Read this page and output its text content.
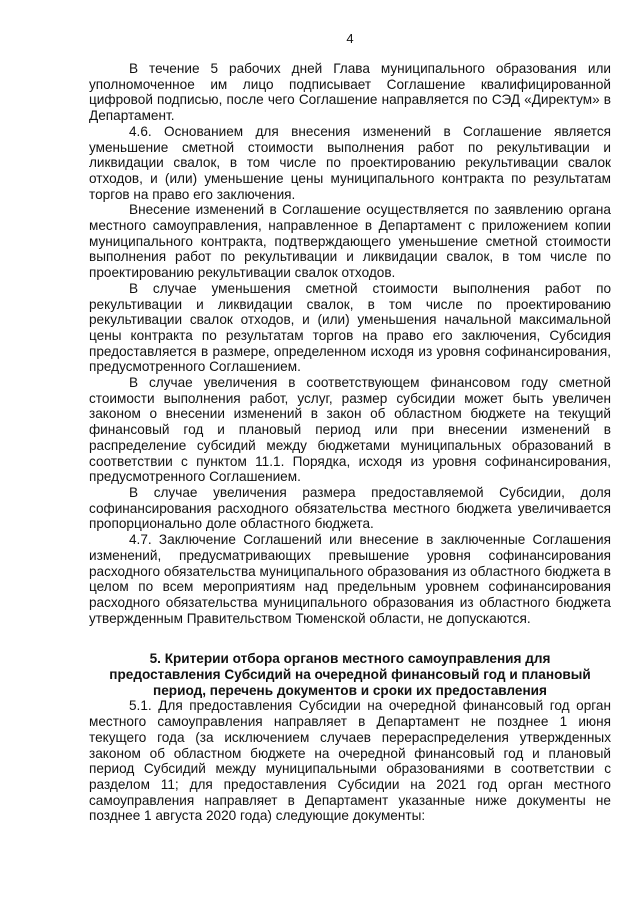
4

В течение 5 рабочих дней Глава муниципального образования или уполномоченное им лицо подписывает Соглашение квалифицированной цифровой подписью, после чего Соглашение направляется по СЭД «Директум» в Департамент.

4.6. Основанием для внесения изменений в Соглашение является уменьшение сметной стоимости выполнения работ по рекультивации и ликвидации свалок, в том числе по проектированию рекультивации свалок отходов, и (или) уменьшение цены муниципального контракта по результатам торгов на право его заключения.

Внесение изменений в Соглашение осуществляется по заявлению органа местного самоуправления, направленное в Департамент с приложением копии муниципального контракта, подтверждающего уменьшение сметной стоимости выполнения работ по рекультивации и ликвидации свалок, в том числе по проектированию рекультивации свалок отходов.

В случае уменьшения сметной стоимости выполнения работ по рекультивации и ликвидации свалок, в том числе по проектированию рекультивации свалок отходов, и (или) уменьшения начальной максимальной цены контракта по результатам торгов на право его заключения, Субсидия предоставляется в размере, определенном исходя из уровня софинансирования, предусмотренного Соглашением.

В случае увеличения в соответствующем финансовом году сметной стоимости выполнения работ, услуг, размер субсидии может быть увеличен законом о внесении изменений в закон об областном бюджете на текущий финансовый год и плановый период или при внесении изменений в распределение субсидий между бюджетами муниципальных образований в соответствии с пунктом 11.1. Порядка, исходя из уровня софинансирования, предусмотренного Соглашением.

В случае увеличения размера предоставляемой Субсидии, доля софинансирования расходного обязательства местного бюджета увеличивается пропорционально доле областного бюджета.

4.7. Заключение Соглашений или внесение в заключенные Соглашения изменений, предусматривающих превышение уровня софинансирования расходного обязательства муниципального образования из областного бюджета в целом по всем мероприятиям над предельным уровнем софинансирования расходного обязательства муниципального образования из областного бюджета утвержденным Правительством Тюменской области, не допускаются.

5. Критерии отбора органов местного самоуправления для предоставления Субсидий на очередной финансовый год и плановый период, перечень документов и сроки их предоставления

5.1. Для предоставления Субсидии на очередной финансовый год орган местного самоуправления направляет в Департамент не позднее 1 июня текущего года (за исключением случаев перераспределения утвержденных законом об областном бюджете на очередной финансовый год и плановый период Субсидий между муниципальными образованиями в соответствии с разделом 11; для предоставления Субсидии на 2021 год орган местного самоуправления направляет в Департамент указанные ниже документы не позднее 1 августа 2020 года) следующие документы:
